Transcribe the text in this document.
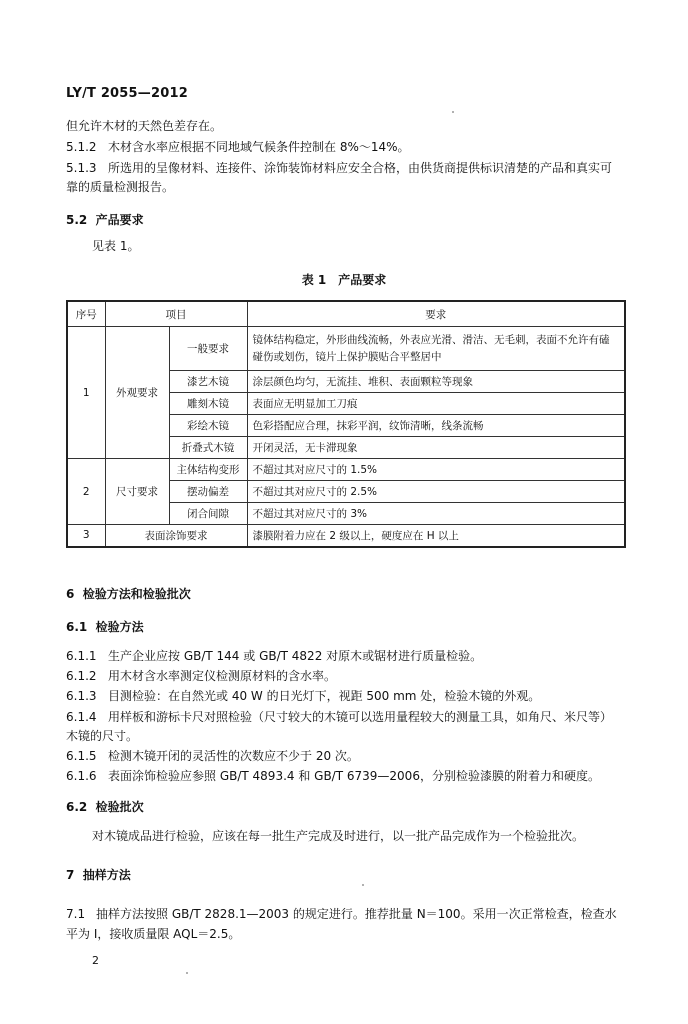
LY/T 2055—2012
但允许木材的天然色差存在。
5.1.2 木材含水率应根据不同地域气候条件控制在 8%～14%。
5.1.3 所选用的呈像材料、连接件、涂饰装饰材料应安全合格，由供货商提供标识清楚的产品和真实可
靠的质量检测报告。
5.2 产品要求
见表 1。
表 1　产品要求
序号	项目		要求
1	外观要求	一般要求	镜体结构稳定，外形曲线流畅，外表应光滑、滑洁、无毛刺，表面不允许有磕碰伤或划伤，镜片上保护膜贴合平整居中
		漆艺木镜	涂层颜色均匀，无流挂、堆积、表面颗粒等现象
		雕刻木镜	表面应无明显加工刀痕
		彩绘木镜	色彩搭配应合理，抹彩平润，纹饰清晰，线条流畅
		折叠式木镜	开闭灵活，无卡滞现象
2	尺寸要求	主体结构变形	不超过其对应尺寸的 1.5%
		摆动偏差	不超过其对应尺寸的 2.5%
		闭合间隙	不超过其对应尺寸的 3%
3	表面涂饰要求		漆膜附着力应在 2 级以上，硬度应在 H 以上
6 检验方法和检验批次
6.1 检验方法
6.1.1 生产企业应按 GB/T 144 或 GB/T 4822 对原木或锯材进行质量检验。
6.1.2 用木材含水率测定仪检测原材料的含水率。
6.1.3 目测检验：在自然光或 40 W 的日光灯下，视距 500 mm 处，检验木镜的外观。
6.1.4 用样板和游标卡尺对照检验（尺寸较大的木镜可以选用量程较大的测量工具，如角尺、米尺等）
木镜的尺寸。
6.1.5 检测木镜开闭的灵活性的次数应不少于 20 次。
6.1.6 表面涂饰检验应参照 GB/T 4893.4 和 GB/T 6739—2006，分别检验漆膜的附着力和硬度。
6.2 检验批次
对木镜成品进行检验，应该在每一批生产完成及时进行，以一批产品完成作为一个检验批次。
7 抽样方法
7.1 抽样方法按照 GB/T 2828.1—2003 的规定进行。推荐批量 N＝100。采用一次正常检查，检查水
平为 Ⅰ，接收质量限 AQL＝2.5。
2
